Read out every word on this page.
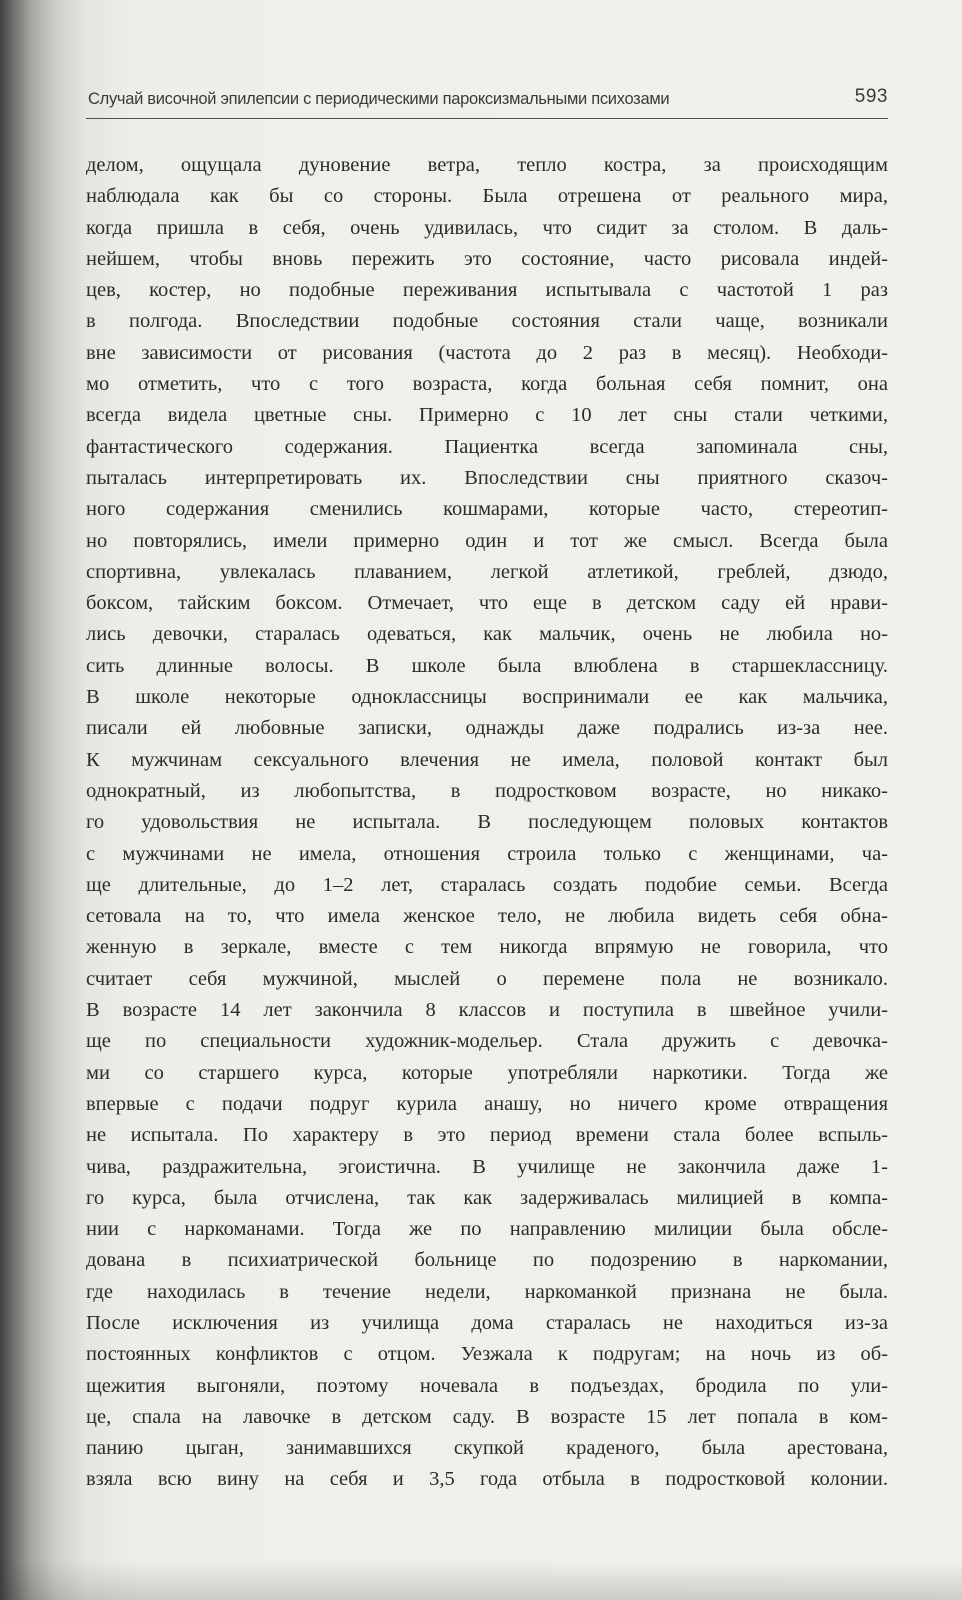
Случай височной эпилепсии с периодическими пароксизмальными психозами	593
делом, ощущала дуновение ветра, тепло костра, за происходящим
наблюдала как бы со стороны. Была отрешена от реального мира,
когда пришла в себя, очень удивилась, что сидит за столом. В даль-
нейшем, чтобы вновь пережить это состояние, часто рисовала индей-
цев, костер, но подобные переживания испытывала с частотой 1 раз
в полгода. Впоследствии подобные состояния стали чаще, возникали
вне зависимости от рисования (частота до 2 раз в месяц). Необходи-
мо отметить, что с того возраста, когда больная себя помнит, она
всегда видела цветные сны. Примерно с 10 лет сны стали четкими,
фантастического содержания. Пациентка всегда запоминала сны,
пыталась интерпретировать их. Впоследствии сны приятного сказоч-
ного содержания сменились кошмарами, которые часто, стереотип-
но повторялись, имели примерно один и тот же смысл. Всегда была
спортивна, увлекалась плаванием, легкой атлетикой, греблей, дзюдо,
боксом, тайским боксом. Отмечает, что еще в детском саду ей нрави-
лись девочки, старалась одеваться, как мальчик, очень не любила но-
сить длинные волосы. В школе была влюблена в старшеклассницу.
В школе некоторые одноклассницы воспринимали ее как мальчика,
писали ей любовные записки, однажды даже подрались из-за нее.
К мужчинам сексуального влечения не имела, половой контакт был
однократный, из любопытства, в подростковом возрасте, но никако-
го удовольствия не испытала. В последующем половых контактов
с мужчинами не имела, отношения строила только с женщинами, ча-
ще длительные, до 1–2 лет, старалась создать подобие семьи. Всегда
сетовала на то, что имела женское тело, не любила видеть себя обна-
женную в зеркале, вместе с тем никогда впрямую не говорила, что
считает себя мужчиной, мыслей о перемене пола не возникало.
В возрасте 14 лет закончила 8 классов и поступила в швейное учили-
ще по специальности художник-модельер. Стала дружить с девочка-
ми со старшего курса, которые употребляли наркотики. Тогда же
впервые с подачи подруг курила анашу, но ничего кроме отвращения
не испытала. По характеру в это период времени стала более вспыль-
чива, раздражительна, эгоистична. В училище не закончила даже 1-
го курса, была отчислена, так как задерживалась милицией в компа-
нии с наркоманами. Тогда же по направлению милиции была обсле-
дована в психиатрической больнице по подозрению в наркомании,
где находилась в течение недели, наркоманкой признана не была.
После исключения из училища дома старалась не находиться из-за
постоянных конфликтов с отцом. Уезжала к подругам; на ночь из об-
щежития выгоняли, поэтому ночевала в подъездах, бродила по ули-
це, спала на лавочке в детском саду. В возрасте 15 лет попала в ком-
панию цыган, занимавшихся скупкой краденого, была арестована,
взяла всю вину на себя и 3,5 года отбыла в подростковой колонии.
